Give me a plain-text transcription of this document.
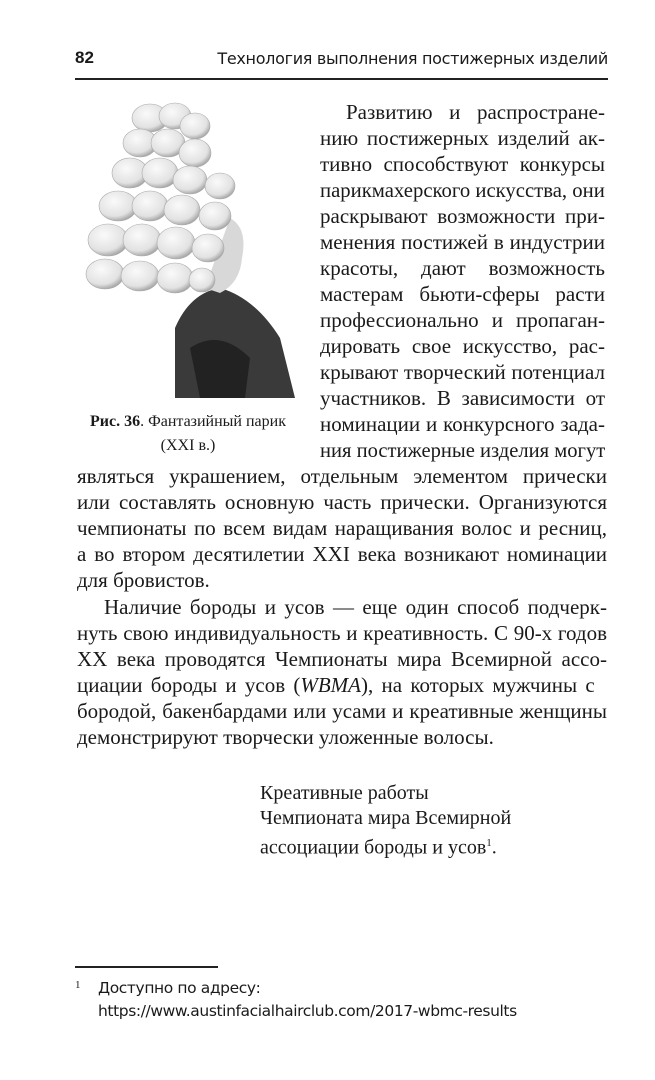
82	Технология выполнения постижерных изделий
Рис. 36. Фантазийный парик
(XXI в.)
Развитию и распростране-
нию постижерных изделий ак-
тивно способствуют конкурсы
парикмахерского искусства, они
раскрывают возможности при-
менения постижей в индустрии
красоты, дают возможность
мастерам бьюти-сферы расти
профессионально и пропаган-
дировать свое искусство, рас-
крывают творческий потенциал
участников. В зависимости от
номинации и конкурсного зада-
ния постижерные изделия могут
являться украшением, отдельным элементом прически
или составлять основную часть прически. Организуются
чемпионаты по всем видам наращивания волос и ресниц,
а во втором десятилетии XXI века возникают номинации
для бровистов.
Наличие бороды и усов — еще один способ подчерк-
нуть свою индивидуальность и креативность. С 90-х годов
XX века проводятся Чемпионаты мира Всемирной ассо-
циации бороды и усов (WBMA), на которых мужчины с
бородой, бакенбардами или усами и креативные женщины
демонстрируют творчески уложенные волосы.
Креативные работы
Чемпионата мира Всемирной
ассоциации бороды и усов$^1$.
1 Доступно по адресу:
https://www.austinfacialhairclub.com/2017-wbmc-results
